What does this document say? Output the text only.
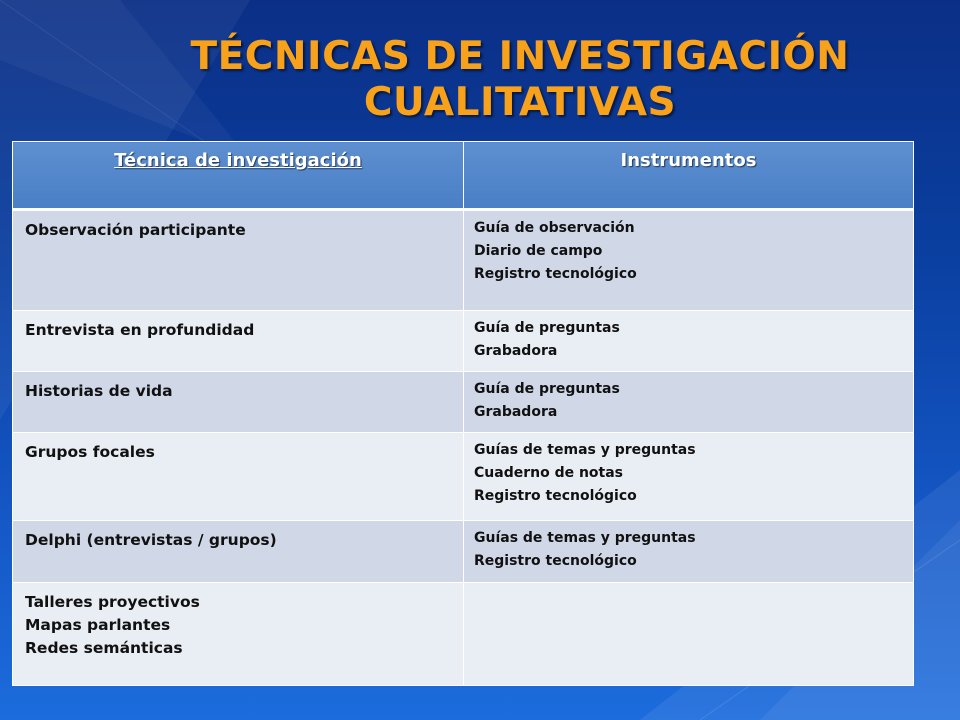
TÉCNICAS DE INVESTIGACIÓN
CUALITATIVAS
Técnica de investigación	Instrumentos

Observación participante	Guía de observación
Diario de campo
Registro tecnológico

Entrevista en profundidad	Guía de preguntas
Grabadora

Historias de vida	Guía de preguntas
Grabadora

Grupos focales	Guías de temas y preguntas
Cuaderno de notas
Registro tecnológico

Delphi (entrevistas / grupos)	Guías de temas y preguntas
Registro tecnológico

Talleres proyectivos
Mapas parlantes
Redes semánticas	
